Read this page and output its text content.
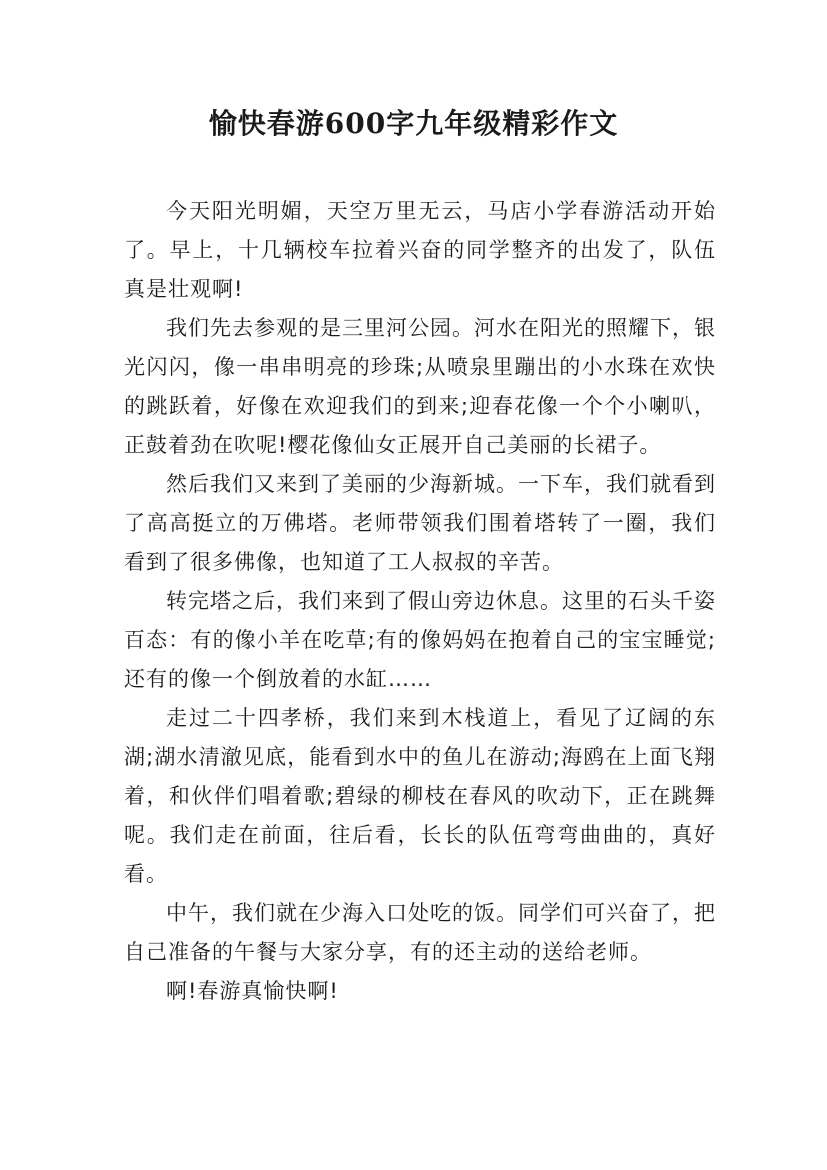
愉快春游600字九年级精彩作文

今天阳光明媚，天空万里无云，马店小学春游活动开始了。早上，十几辆校车拉着兴奋的同学整齐的出发了，队伍真是壮观啊!

我们先去参观的是三里河公园。河水在阳光的照耀下，银光闪闪，像一串串明亮的珍珠;从喷泉里蹦出的小水珠在欢快的跳跃着，好像在欢迎我们的到来;迎春花像一个个小喇叭，正鼓着劲在吹呢!樱花像仙女正展开自己美丽的长裙子。

然后我们又来到了美丽的少海新城。一下车，我们就看到了高高挺立的万佛塔。老师带领我们围着塔转了一圈，我们看到了很多佛像，也知道了工人叔叔的辛苦。

转完塔之后，我们来到了假山旁边休息。这里的石头千姿百态：有的像小羊在吃草;有的像妈妈在抱着自己的宝宝睡觉;还有的像一个倒放着的水缸……

走过二十四孝桥，我们来到木栈道上，看见了辽阔的东湖;湖水清澈见底，能看到水中的鱼儿在游动;海鸥在上面飞翔着，和伙伴们唱着歌;碧绿的柳枝在春风的吹动下，正在跳舞呢。我们走在前面，往后看，长长的队伍弯弯曲曲的，真好看。

中午，我们就在少海入口处吃的饭。同学们可兴奋了，把自己准备的午餐与大家分享，有的还主动的送给老师。

啊!春游真愉快啊!
